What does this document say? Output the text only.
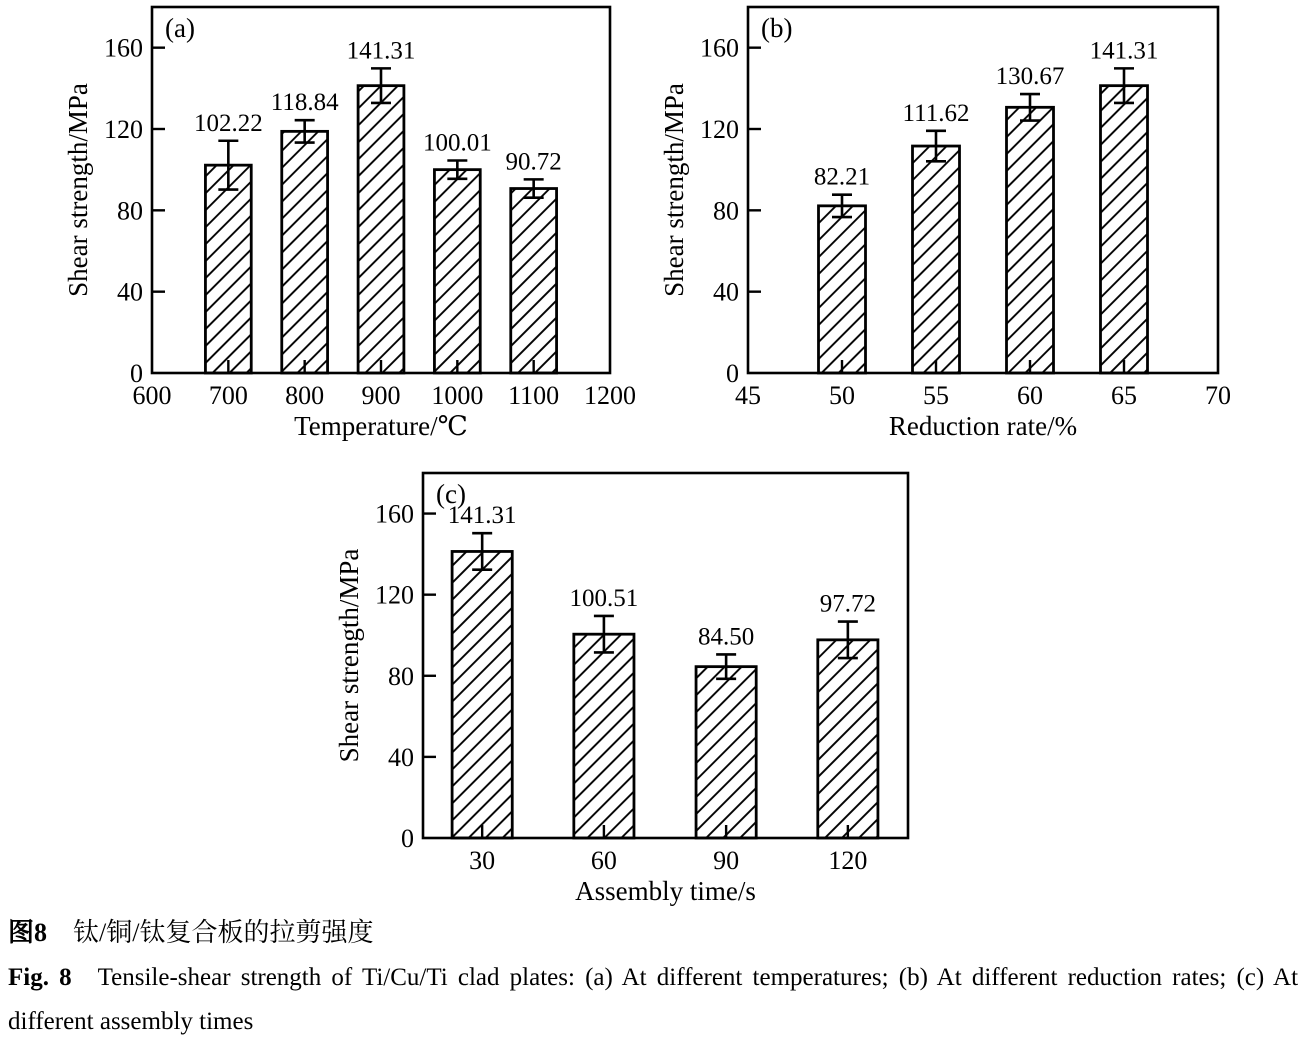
0
40
80
120
160
600 700 800 900 1000 1100 1200
102.22
118.84
141.31
100.01
90.72
(a)
Temperature/℃
Shear strength/MPa
0
40
80
120
160
45	50	55	60	65	70
82.21
111.62
130.67
141.31
(b)
Reduction rate/%
Shear strength/MPa
0
40
80
120
160
30	60	90	120
141.31
100.51
84.50
97.72
(c)
Assembly time/s
Shear strength/MPa
图8 钛/铜/钛复合板的拉剪强度
Fig. 8 Tensile-shear strength of Ti/Cu/Ti clad plates: (a) At different temperatures; (b) At different reduction rates; (c) At
different assembly times
